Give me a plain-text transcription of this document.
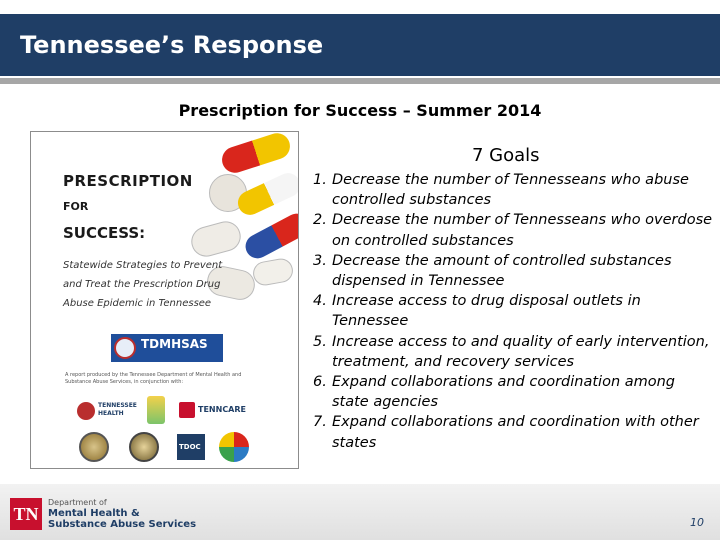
Tennessee’s Response
Prescription for Success – Summer 2014
PRESCRIPTION
FOR
SUCCESS:
Statewide Strategies to Prevent and Treat the Prescription Drug Abuse Epidemic in Tennessee
TDMHSAS
A report produced by the Tennessee Department of Mental Health and Substance Abuse Services, in conjunction with:
TENNESSEE HEALTH	TENNCARE
TDOC
7 Goals
1. Decrease the number of Tennesseans who abuse controlled substances
2. Decrease the number of Tennesseans who overdose on controlled substances
3. Decrease the amount of controlled substances dispensed in Tennessee
4. Increase access to drug disposal outlets in Tennessee
5. Increase access to and quality of early intervention, treatment, and recovery services
6. Expand collaborations and coordination among state agencies
7. Expand collaborations and coordination with other states
TN
Department of
Mental Health &
Substance Abuse Services	10
